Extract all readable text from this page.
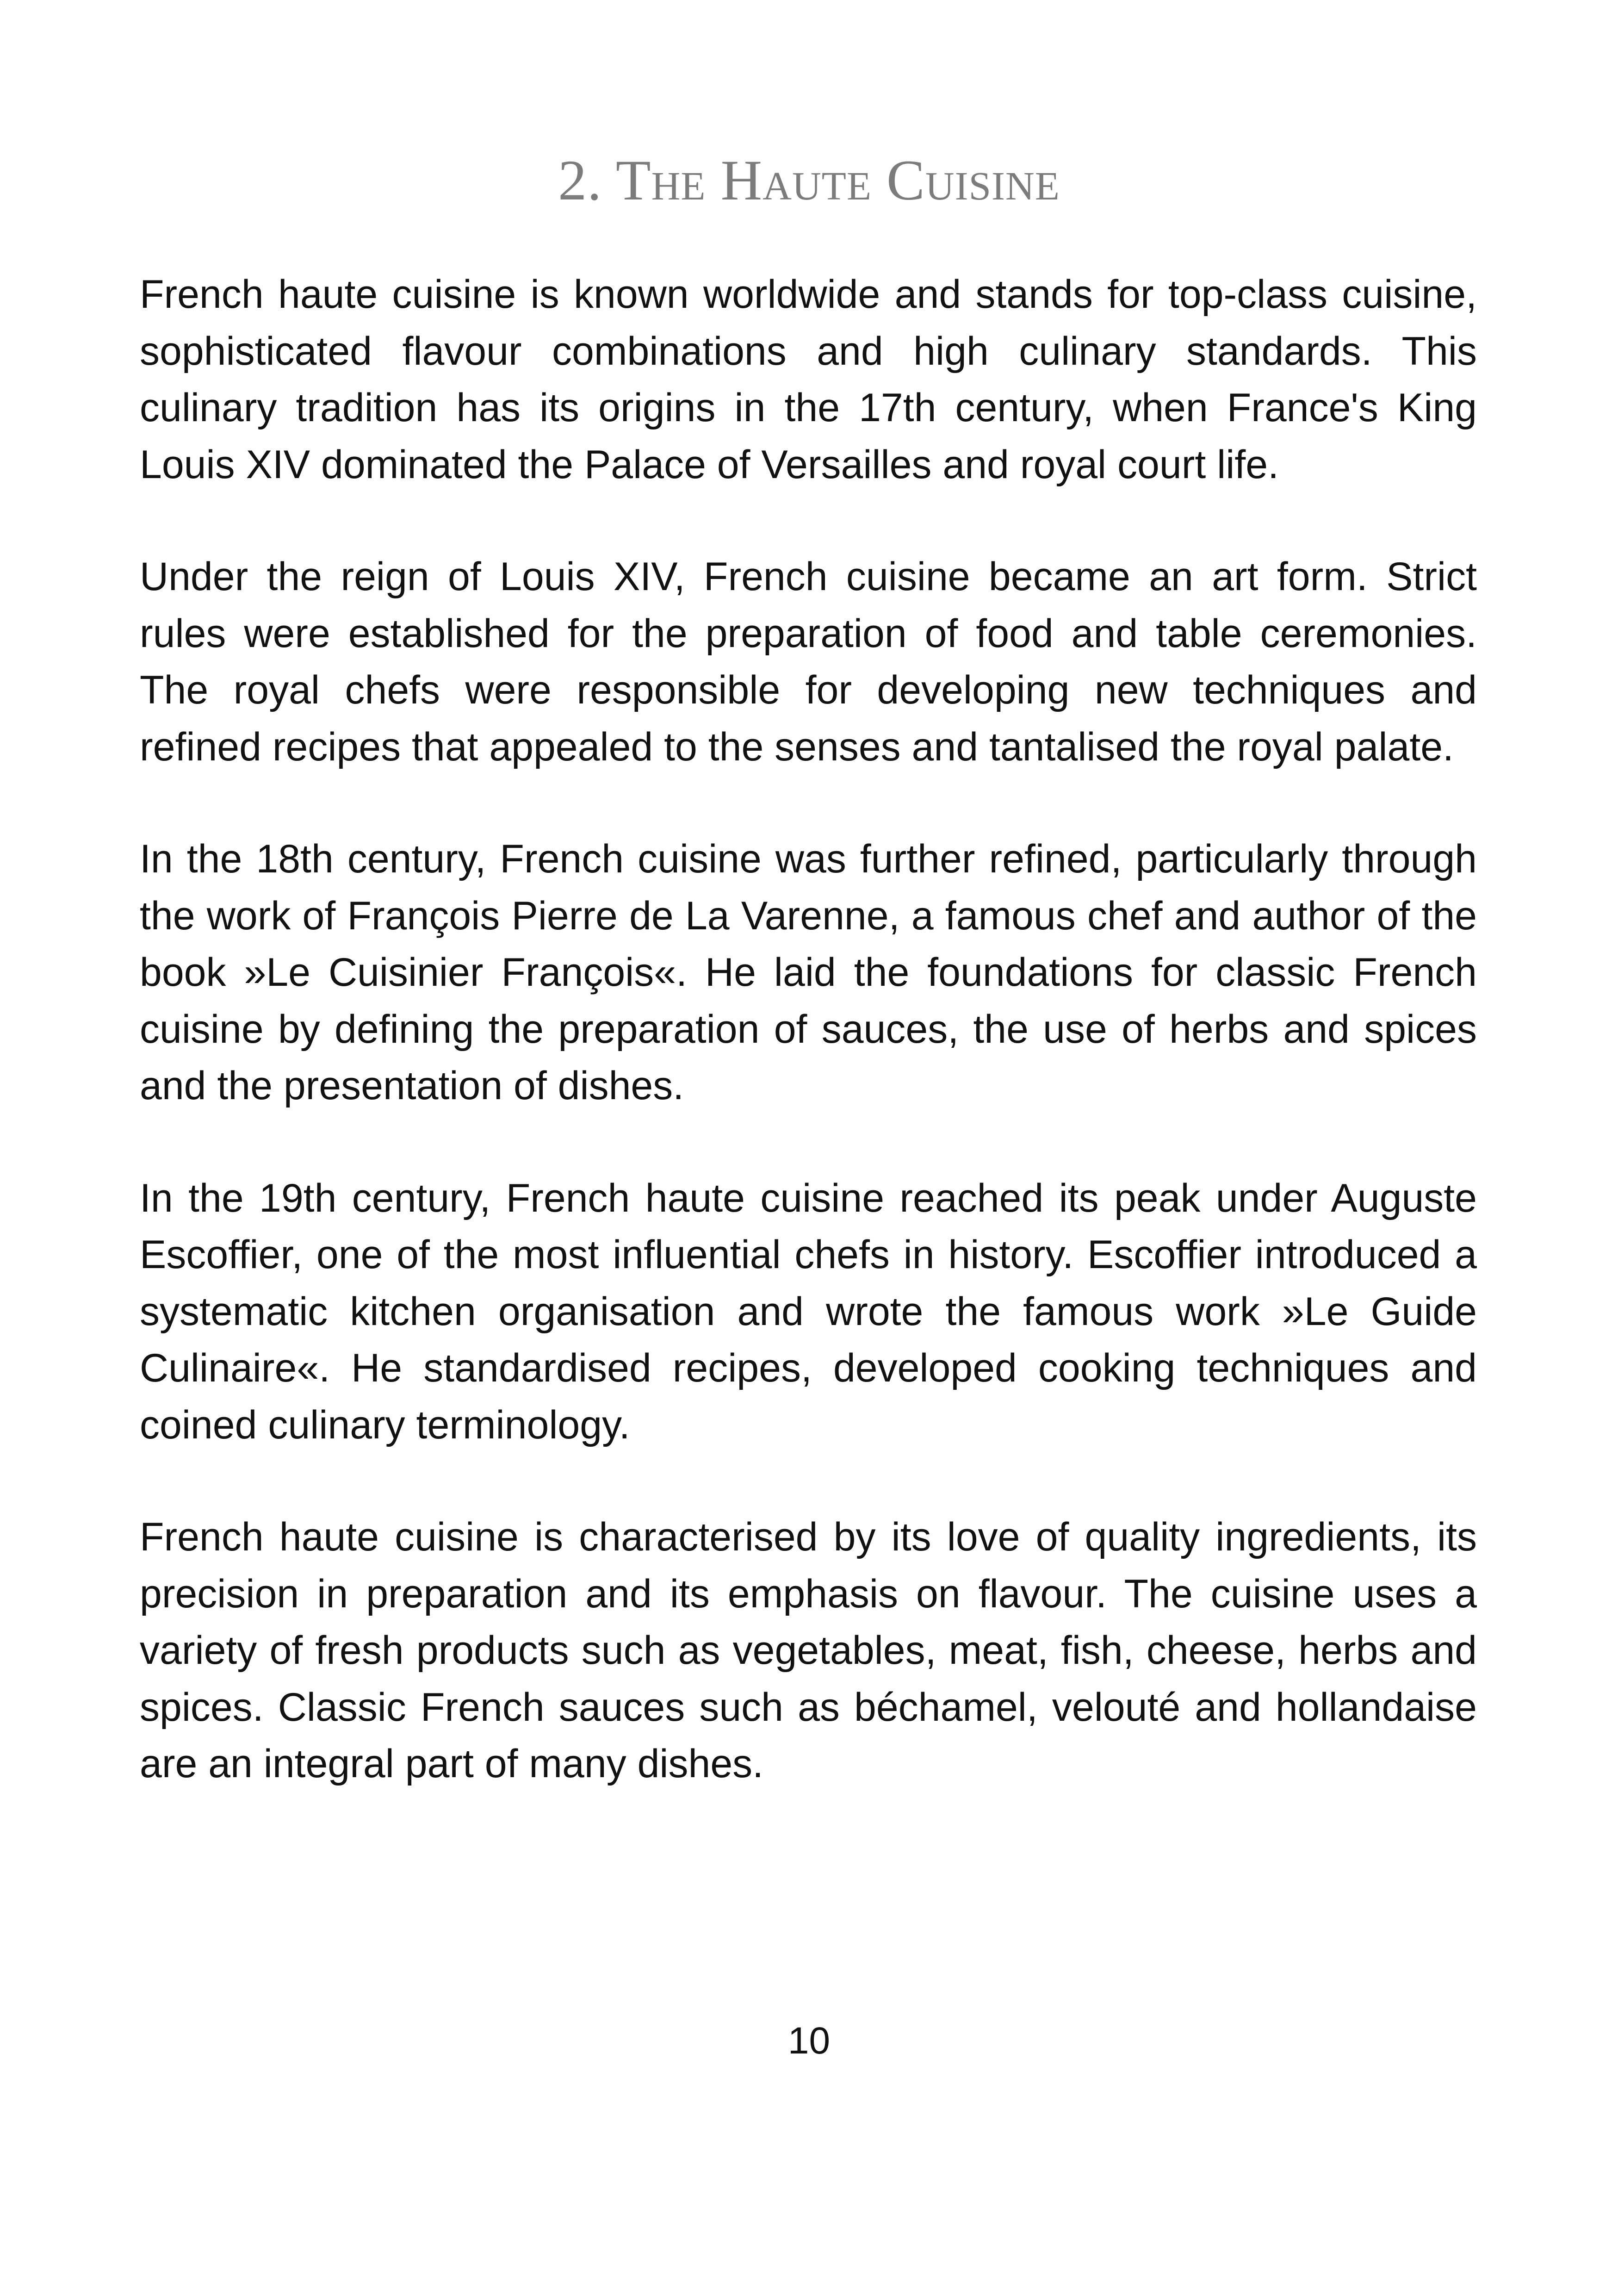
2. The Haute Cuisine

French haute cuisine is known worldwide and stands for top-class cuisine, sophisticated flavour combinations and high culinary standards. This culinary tradition has its origins in the 17th century, when France's King Louis XIV dominated the Palace of Versailles and royal court life.

Under the reign of Louis XIV, French cuisine became an art form. Strict rules were established for the preparation of food and table ceremonies. The royal chefs were responsible for developing new techniques and refined recipes that appealed to the senses and tantalised the royal palate.

In the 18th century, French cuisine was further refined, particularly through the work of François Pierre de La Varenne, a famous chef and author of the book »Le Cuisinier François«. He laid the foundations for classic French cuisine by defining the preparation of sauces, the use of herbs and spices and the presentation of dishes.

In the 19th century, French haute cuisine reached its peak under Auguste Escoffier, one of the most influential chefs in history. Escoffier introduced a systematic kitchen organisation and wrote the famous work »Le Guide Culinaire«. He standardised recipes, developed cooking techniques and coined culinary terminology.

French haute cuisine is characterised by its love of quality ingredients, its precision in preparation and its emphasis on flavour. The cuisine uses a variety of fresh products such as vegetables, meat, fish, cheese, herbs and spices. Classic French sauces such as béchamel, velouté and hollandaise are an integral part of many dishes.

10
